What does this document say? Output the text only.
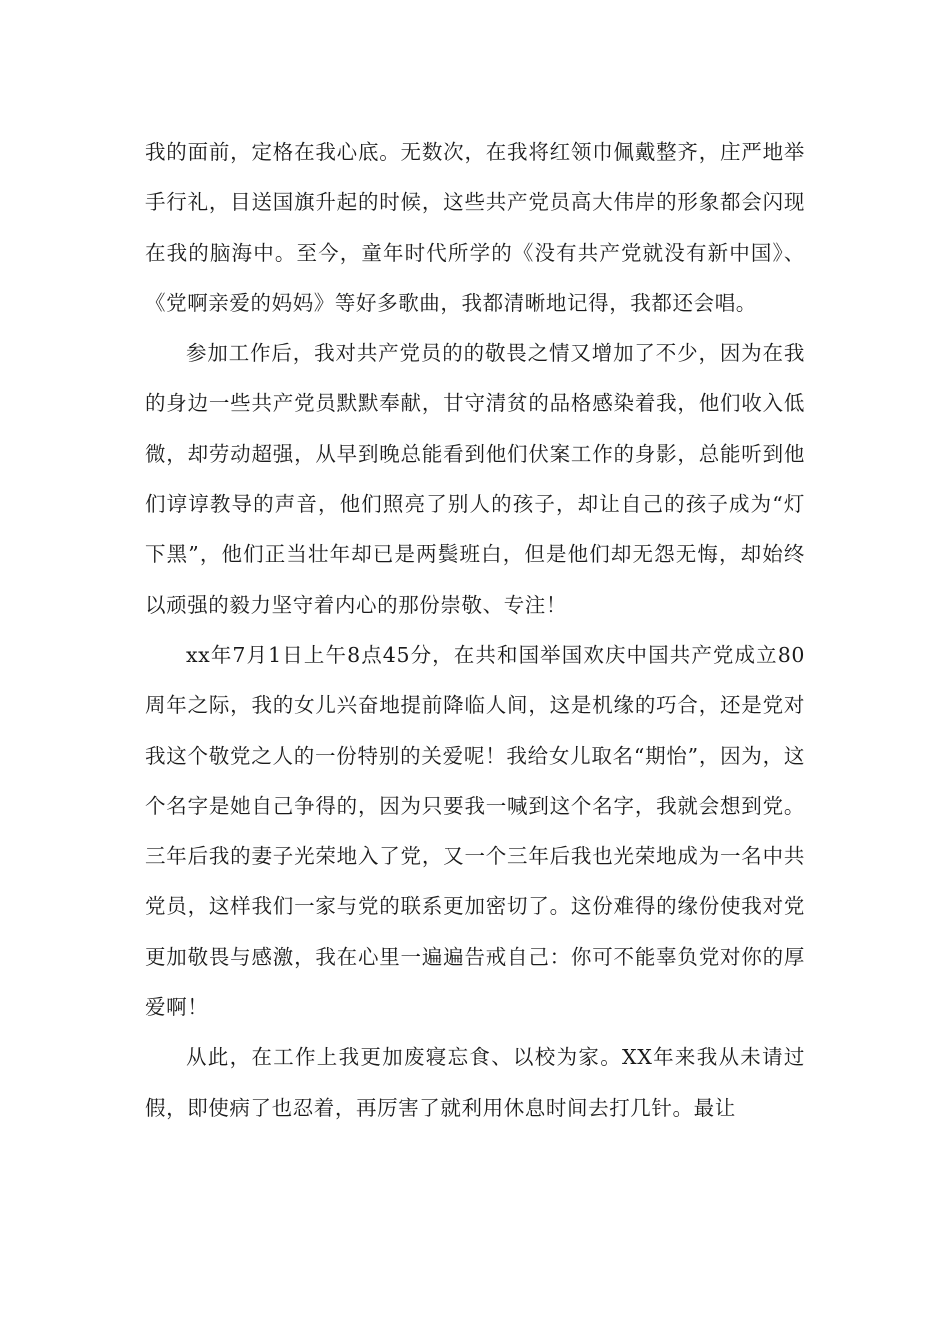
我的面前，定格在我心底。无数次，在我将红领巾佩戴整齐，庄严地举手行礼，目送国旗升起的时候，这些共产党员高大伟岸的形象都会闪现在我的脑海中。至今，童年时代所学的《没有共产党就没有新中国》、《党啊亲爱的妈妈》等好多歌曲，我都清晰地记得，我都还会唱。

参加工作后，我对共产党员的的敬畏之情又增加了不少，因为在我的身边一些共产党员默默奉献，甘守清贫的品格感染着我，他们收入低微，却劳动超强，从早到晚总能看到他们伏案工作的身影，总能听到他们谆谆教导的声音，他们照亮了别人的孩子，却让自己的孩子成为“灯下黑”，他们正当壮年却已是两鬓班白，但是他们却无怨无悔，却始终以顽强的毅力坚守着内心的那份崇敬、专注！

xx年7月1日上午8点45分，在共和国举国欢庆中国共产党成立80周年之际，我的女儿兴奋地提前降临人间，这是机缘的巧合，还是党对我这个敬党之人的一份特别的关爱呢！我给女儿取名“期怡”，因为，这个名字是她自己争得的，因为只要我一喊到这个名字，我就会想到党。三年后我的妻子光荣地入了党，又一个三年后我也光荣地成为一名中共党员，这样我们一家与党的联系更加密切了。这份难得的缘份使我对党更加敬畏与感激，我在心里一遍遍告戒自己：你可不能辜负党对你的厚爱啊！

从此，在工作上我更加废寝忘食、以校为家。XX年来我从未请过假，即使病了也忍着，再厉害了就利用休息时间去打几针。最让
